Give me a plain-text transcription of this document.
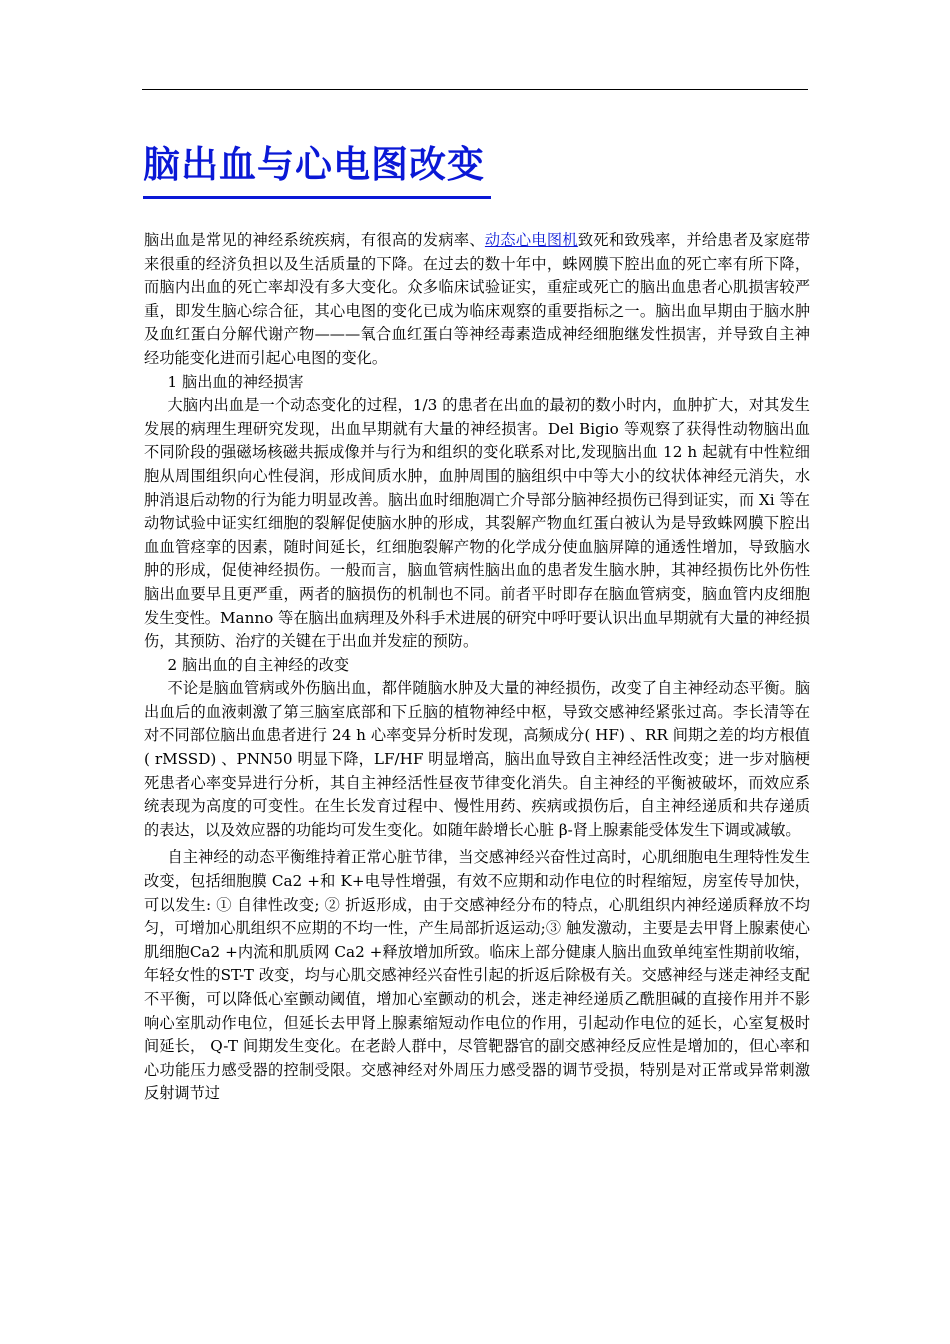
脑出血与心电图改变

脑出血是常见的神经系统疾病，有很高的发病率、动态心电图机致死和致残率，并给患者及家庭带来很重的经济负担以及生活质量的下降。在过去的数十年中，蛛网膜下腔出血的死亡率有所下降，而脑内出血的死亡率却没有多大变化。众多临床试验证实，重症或死亡的脑出血患者心肌损害较严重，即发生脑心综合征，其心电图的变化已成为临床观察的重要指标之一。脑出血早期由于脑水肿及血红蛋白分解代谢产物———氧合血红蛋白等神经毒素造成神经细胞继发性损害，并导致自主神经功能变化进而引起心电图的变化。

1 脑出血的神经损害

大脑内出血是一个动态变化的过程，1/3 的患者在出血的最初的数小时内，血肿扩大，对其发生发展的病理生理研究发现，出血早期就有大量的神经损害。Del Bigio 等观察了获得性动物脑出血不同阶段的强磁场核磁共振成像并与行为和组织的变化联系对比,发现脑出血 12 h 起就有中性粒细胞从周围组织向心性侵润，形成间质水肿，血肿周围的脑组织中中等大小的纹状体神经元消失，水肿消退后动物的行为能力明显改善。脑出血时细胞凋亡介导部分脑神经损伤已得到证实，而 Xi 等在动物试验中证实红细胞的裂解促使脑水肿的形成，其裂解产物血红蛋白被认为是导致蛛网膜下腔出血血管痉挛的因素，随时间延长，红细胞裂解产物的化学成分使血脑屏障的通透性增加，导致脑水肿的形成，促使神经损伤。一般而言，脑血管病性脑出血的患者发生脑水肿，其神经损伤比外伤性脑出血要早且更严重，两者的脑损伤的机制也不同。前者平时即存在脑血管病变，脑血管内皮细胞发生变性。Manno 等在脑出血病理及外科手术进展的研究中呼吁要认识出血早期就有大量的神经损伤，其预防、治疗的关键在于出血并发症的预防。

2 脑出血的自主神经的改变

不论是脑血管病或外伤脑出血，都伴随脑水肿及大量的神经损伤，改变了自主神经动态平衡。脑出血后的血液刺激了第三脑室底部和下丘脑的植物神经中枢，导致交感神经紧张过高。李长清等在对不同部位脑出血患者进行 24 h 心率变异分析时发现，高频成分( HF) 、RR 间期之差的均方根值( rMSSD) 、PNN50 明显下降，LF/HF 明显增高，脑出血导致自主神经活性改变；进一步对脑梗死患者心率变异进行分析，其自主神经活性昼夜节律变化消失。自主神经的平衡被破坏，而效应系统表现为高度的可变性。在生长发育过程中、慢性用药、疾病或损伤后，自主神经递质和共存递质的表达，以及效应器的功能均可发生变化。如随年龄增长心脏 β-肾上腺素能受体发生下调或减敏。

自主神经的动态平衡维持着正常心脏节律，当交感神经兴奋性过高时，心肌细胞电生理特性发生改变，包括细胞膜 Ca2 +和 K+电导性增强，有效不应期和动作电位的时程缩短，房室传导加快，可以发生: ① 自律性改变; ② 折返形成，由于交感神经分布的特点，心肌组织内神经递质释放不均匀，可增加心肌组织不应期的不均一性，产生局部折返运动;③ 触发激动，主要是去甲肾上腺素使心肌细胞Ca2 +内流和肌质网 Ca2 +释放增加所致。临床上部分健康人脑出血致单纯室性期前收缩，年轻女性的ST-T 改变，均与心肌交感神经兴奋性引起的折返后除极有关。交感神经与迷走神经支配不平衡，可以降低心室颤动阈值，增加心室颤动的机会，迷走神经递质乙酰胆碱的直接作用并不影响心室肌动作电位，但延长去甲肾上腺素缩短动作电位的作用，引起动作电位的延长，心室复极时间延长， Q-T 间期发生变化。在老龄人群中，尽管靶器官的副交感神经反应性是增加的，但心率和心功能压力感受器的控制受限。交感神经对外周压力感受器的调节受损，特别是对正常或异常刺激反射调节过
